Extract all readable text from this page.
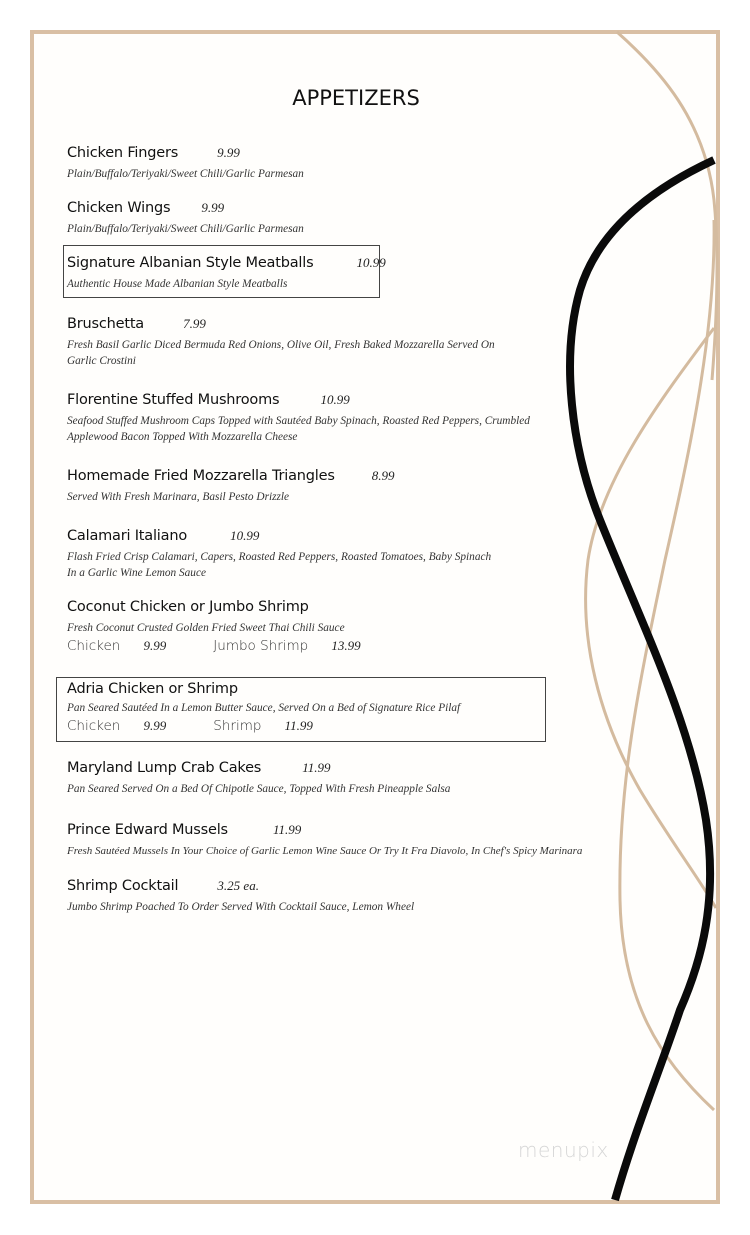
APPETIZERS
Chicken Fingers	9.99
Plain/Buffalo/Teriyaki/Sweet Chili/Garlic Parmesan
Chicken Wings 9.99
Plain/Buffalo/Teriyaki/Sweet Chili/Garlic Parmesan
Signature Albanian Style Meatballs	10.99
Authentic House Made Albanian Style Meatballs
Bruschetta	7.99
Fresh Basil Garlic Diced Bermuda Red Onions, Olive Oil, Fresh Baked Mozzarella Served On
Garlic Crostini
Florentine Stuffed Mushrooms	10.99
Seafood Stuffed Mushroom Caps Topped with Sautéed Baby Spinach, Roasted Red Peppers, Crumbled
Applewood Bacon Topped With Mozzarella Cheese
Homemade Fried Mozzarella Triangles	8.99
Served With Fresh Marinara, Basil Pesto Drizzle
Calamari Italiano	10.99
Flash Fried Crisp Calamari, Capers, Roasted Red Peppers, Roasted Tomatoes, Baby Spinach
In a Garlic Wine Lemon Sauce
Coconut Chicken or Jumbo Shrimp
Fresh Coconut Crusted Golden Fried Sweet Thai Chili Sauce
Chicken 9.99	Jumbo Shrimp 13.99
Adria Chicken or Shrimp
Pan Seared Sautéed In a Lemon Butter Sauce, Served On a Bed of Signature Rice Pilaf
Chicken 9.99	Shrimp 11.99
Maryland Lump Crab Cakes	11.99
Pan Seared Served On a Bed Of Chipotle Sauce, Topped With Fresh Pineapple Salsa
Prince Edward Mussels	11.99
Fresh Sautéed Mussels In Your Choice of Garlic Lemon Wine Sauce Or Try It Fra Diavolo, In Chef's Spicy Marinara
Shrimp Cocktail	3.25 ea.
Jumbo Shrimp Poached To Order Served With Cocktail Sauce, Lemon Wheel
menupix
